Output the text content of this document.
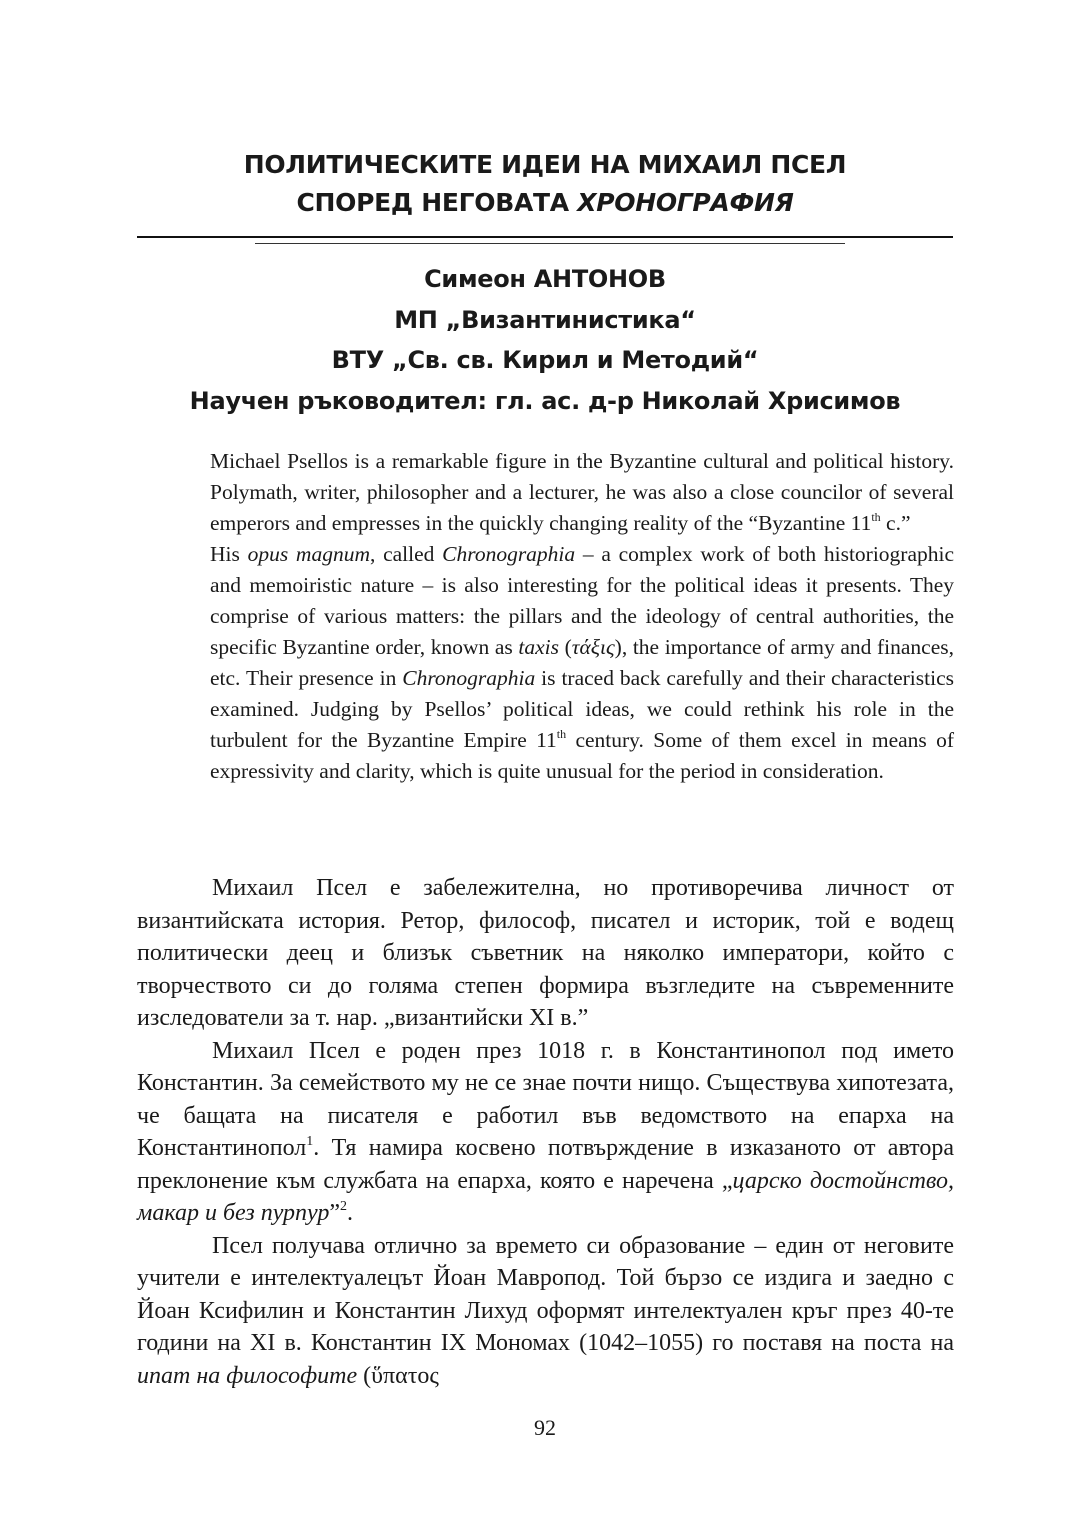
ПОЛИТИЧЕСКИТЕ ИДЕИ НА МИХАИЛ ПСЕЛ
СПОРЕД НЕГОВАТА ХРОНОГРАФИЯ
Симеон АНТОНОВ
МП „Византинистика“
ВТУ „Св. св. Кирил и Методий“
Научен ръководител: гл. ас. д-р Николай Хрисимов

Michael Psellos is a remarkable figure in the Byzantine cultural and political history. Polymath, writer, philosopher and a lecturer, he was also a close councilor of several emperors and empresses in the quickly changing reality of the “Byzantine 11th c.”

His opus magnum, called Chronographia – a complex work of both historiographic and memoiristic nature – is also interesting for the political ideas it presents. They comprise of various matters: the pillars and the ideology of central authorities, the specific Byzantine order, known as taxis (τάξις), the importance of army and finances, etc. Their presence in Chronographia is traced back carefully and their characteristics examined. Judging by Psellos’ political ideas, we could rethink his role in the turbulent for the Byzantine Empire 11th century. Some of them excel in means of expressivity and clarity, which is quite unusual for the period in consideration.

Михаил Псел е забележителна, но противоречива личност от византийската история. Ретор, философ, писател и историк, той е водещ политически деец и близък съветник на няколко императори, който с творчеството си до голяма степен формира възгледите на съвременните изследователи за т. нар. „византийски XI в.”

Михаил Псел е роден през 1018 г. в Константинопол под името Константин. За семейството му не се знае почти нищо. Съществува хипотезата, че бащата на писателя е работил във ведомството на епарха на Константинопол$^1$. Тя намира косвено потвърждение в изказаното от автора преклонение към службата на епарха, която е наречена „царско достойнство, макар и без пурпур”$^2$.

Псел получава отлично за времето си образование – един от неговите учители е интелектуалецът Йоан Мавропод. Той бързо се издига и заедно с Йоан Ксифилин и Константин Лихуд оформят интелектуален кръг през 40-те години на XI в. Константин IX Мономах (1042–1055) го поставя на поста на ипат на философите (ὕπατος

92
